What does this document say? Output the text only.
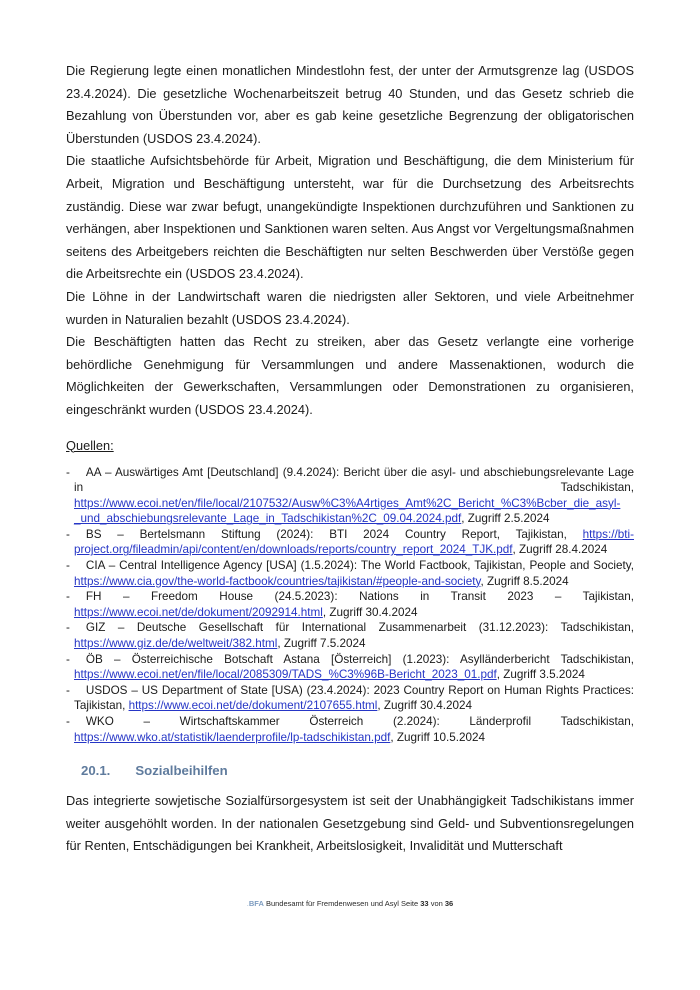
Die Regierung legte einen monatlichen Mindestlohn fest, der unter der Armutsgrenze lag (USDOS 23.4.2024). Die gesetzliche Wochenarbeitszeit betrug 40 Stunden, und das Gesetz schrieb die Bezahlung von Überstunden vor, aber es gab keine gesetzliche Begrenzung der obligatorischen Überstunden (USDOS 23.4.2024).

Die staatliche Aufsichtsbehörde für Arbeit, Migration und Beschäftigung, die dem Ministerium für Arbeit, Migration und Beschäftigung untersteht, war für die Durchsetzung des Arbeitsrechts zuständig. Diese war zwar befugt, unangekündigte Inspektionen durchzuführen und Sanktionen zu verhängen, aber Inspektionen und Sanktionen waren selten. Aus Angst vor Vergeltungsmaßnahmen seitens des Arbeitgebers reichten die Beschäftigten nur selten Beschwerden über Verstöße gegen die Arbeitsrechte ein (USDOS 23.4.2024).

Die Löhne in der Landwirtschaft waren die niedrigsten aller Sektoren, und viele Arbeitnehmer wurden in Naturalien bezahlt (USDOS 23.4.2024).

Die Beschäftigten hatten das Recht zu streiken, aber das Gesetz verlangte eine vorherige behördliche Genehmigung für Versammlungen und andere Massenaktionen, wodurch die Möglichkeiten der Gewerkschaften, Versammlungen oder Demonstrationen zu organisieren, eingeschränkt wurden (USDOS 23.4.2024).

Quellen:

- AA – Auswärtiges Amt [Deutschland] (9.4.2024): Bericht über die asyl- und abschiebungsrelevante Lage in Tadschikistan, https://www.ecoi.net/en/file/local/2107532/Ausw%C3%A4rtiges_Amt%2C_Bericht_%C3%Bcber_die_asyl-_und_abschiebungsrelevante_Lage_in_Tadschikistan%2C_09.04.2024.pdf, Zugriff 2.5.2024
- BS – Bertelsmann Stiftung (2024): BTI 2024 Country Report, Tajikistan, https://bti-project.org/fileadmin/api/content/en/downloads/reports/country_report_2024_TJK.pdf, Zugriff 28.4.2024
- CIA – Central Intelligence Agency [USA] (1.5.2024): The World Factbook, Tajikistan, People and Society, https://www.cia.gov/the-world-factbook/countries/tajikistan/#people-and-society, Zugriff 8.5.2024
- FH – Freedom House (24.5.2023): Nations in Transit 2023 – Tajikistan, https://www.ecoi.net/de/dokument/2092914.html, Zugriff 30.4.2024
- GIZ – Deutsche Gesellschaft für International Zusammenarbeit (31.12.2023): Tadschikistan, https://www.giz.de/de/weltweit/382.html, Zugriff 7.5.2024
- ÖB – Österreichische Botschaft Astana [Österreich] (1.2023): Asylländerbericht Tadschikistan, https://www.ecoi.net/en/file/local/2085309/TADS_%C3%96B-Bericht_2023_01.pdf, Zugriff 3.5.2024
- USDOS – US Department of State [USA) (23.4.2024): 2023 Country Report on Human Rights Practices: Tajikistan, https://www.ecoi.net/de/dokument/2107655.html, Zugriff 30.4.2024
- WKO – Wirtschaftskammer Österreich (2.2024): Länderprofil Tadschikistan, https://www.wko.at/statistik/laenderprofile/lp-tadschikistan.pdf, Zugriff 10.5.2024
20.1. Sozialbeihilfen

Das integrierte sowjetische Sozialfürsorgesystem ist seit der Unabhängigkeit Tadschikistans immer weiter ausgehöhlt worden. In der nationalen Gesetzgebung sind Geld- und Subventionsregelungen für Renten, Entschädigungen bei Krankheit, Arbeitslosigkeit, Invalidität und Mutterschaft

.BFA Bundesamt für Fremdenwesen und Asyl Seite 33 von 36
